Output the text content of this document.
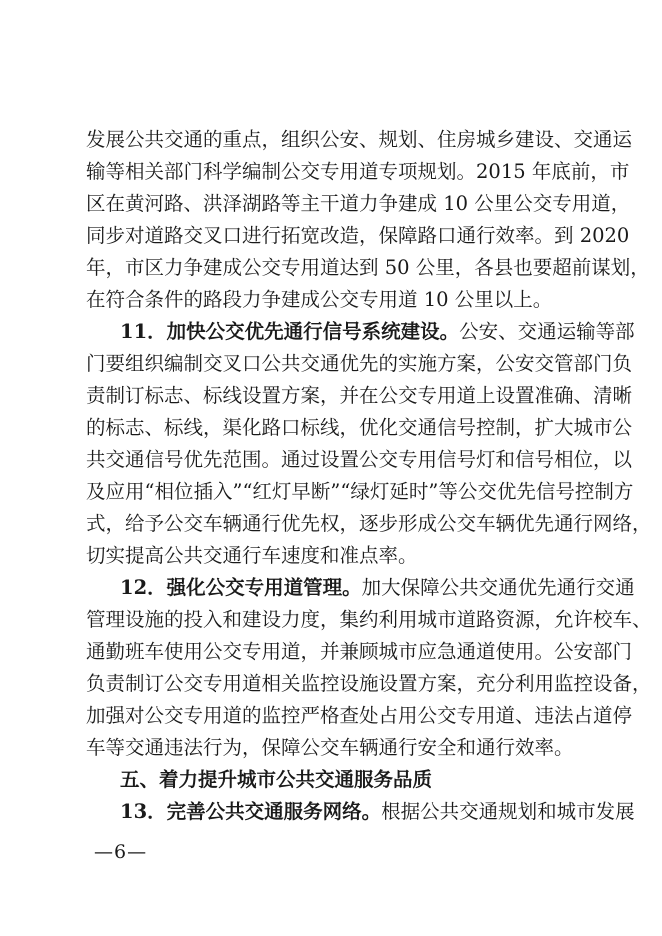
发展公共交通的重点，组织公安、规划、住房城乡建设、交通运
输等相关部门科学编制公交专用道专项规划。2015 年底前，市
区在黄河路、洪泽湖路等主干道力争建成 10 公里公交专用道，
同步对道路交叉口进行拓宽改造，保障路口通行效率。到 2020
年，市区力争建成公交专用道达到 50 公里，各县也要超前谋划，
在符合条件的路段力争建成公交专用道 10 公里以上。
11．加快公交优先通行信号系统建设。公安、交通运输等部
门要组织编制交叉口公共交通优先的实施方案，公安交管部门负
责制订标志、标线设置方案，并在公交专用道上设置准确、清晰
的标志、标线，渠化路口标线，优化交通信号控制，扩大城市公
共交通信号优先范围。通过设置公交专用信号灯和信号相位，以
及应用“相位插入”“红灯早断”“绿灯延时”等公交优先信号控制方
式，给予公交车辆通行优先权，逐步形成公交车辆优先通行网络，
切实提高公共交通行车速度和准点率。
12．强化公交专用道管理。加大保障公共交通优先通行交通
管理设施的投入和建设力度，集约利用城市道路资源，允许校车、
通勤班车使用公交专用道，并兼顾城市应急通道使用。公安部门
负责制订公交专用道相关监控设施设置方案，充分利用监控设备，
加强对公交专用道的监控严格查处占用公交专用道、违法占道停
车等交通违法行为，保障公交车辆通行安全和通行效率。
五、着力提升城市公共交通服务品质
13．完善公共交通服务网络。根据公共交通规划和城市发展
—6—
